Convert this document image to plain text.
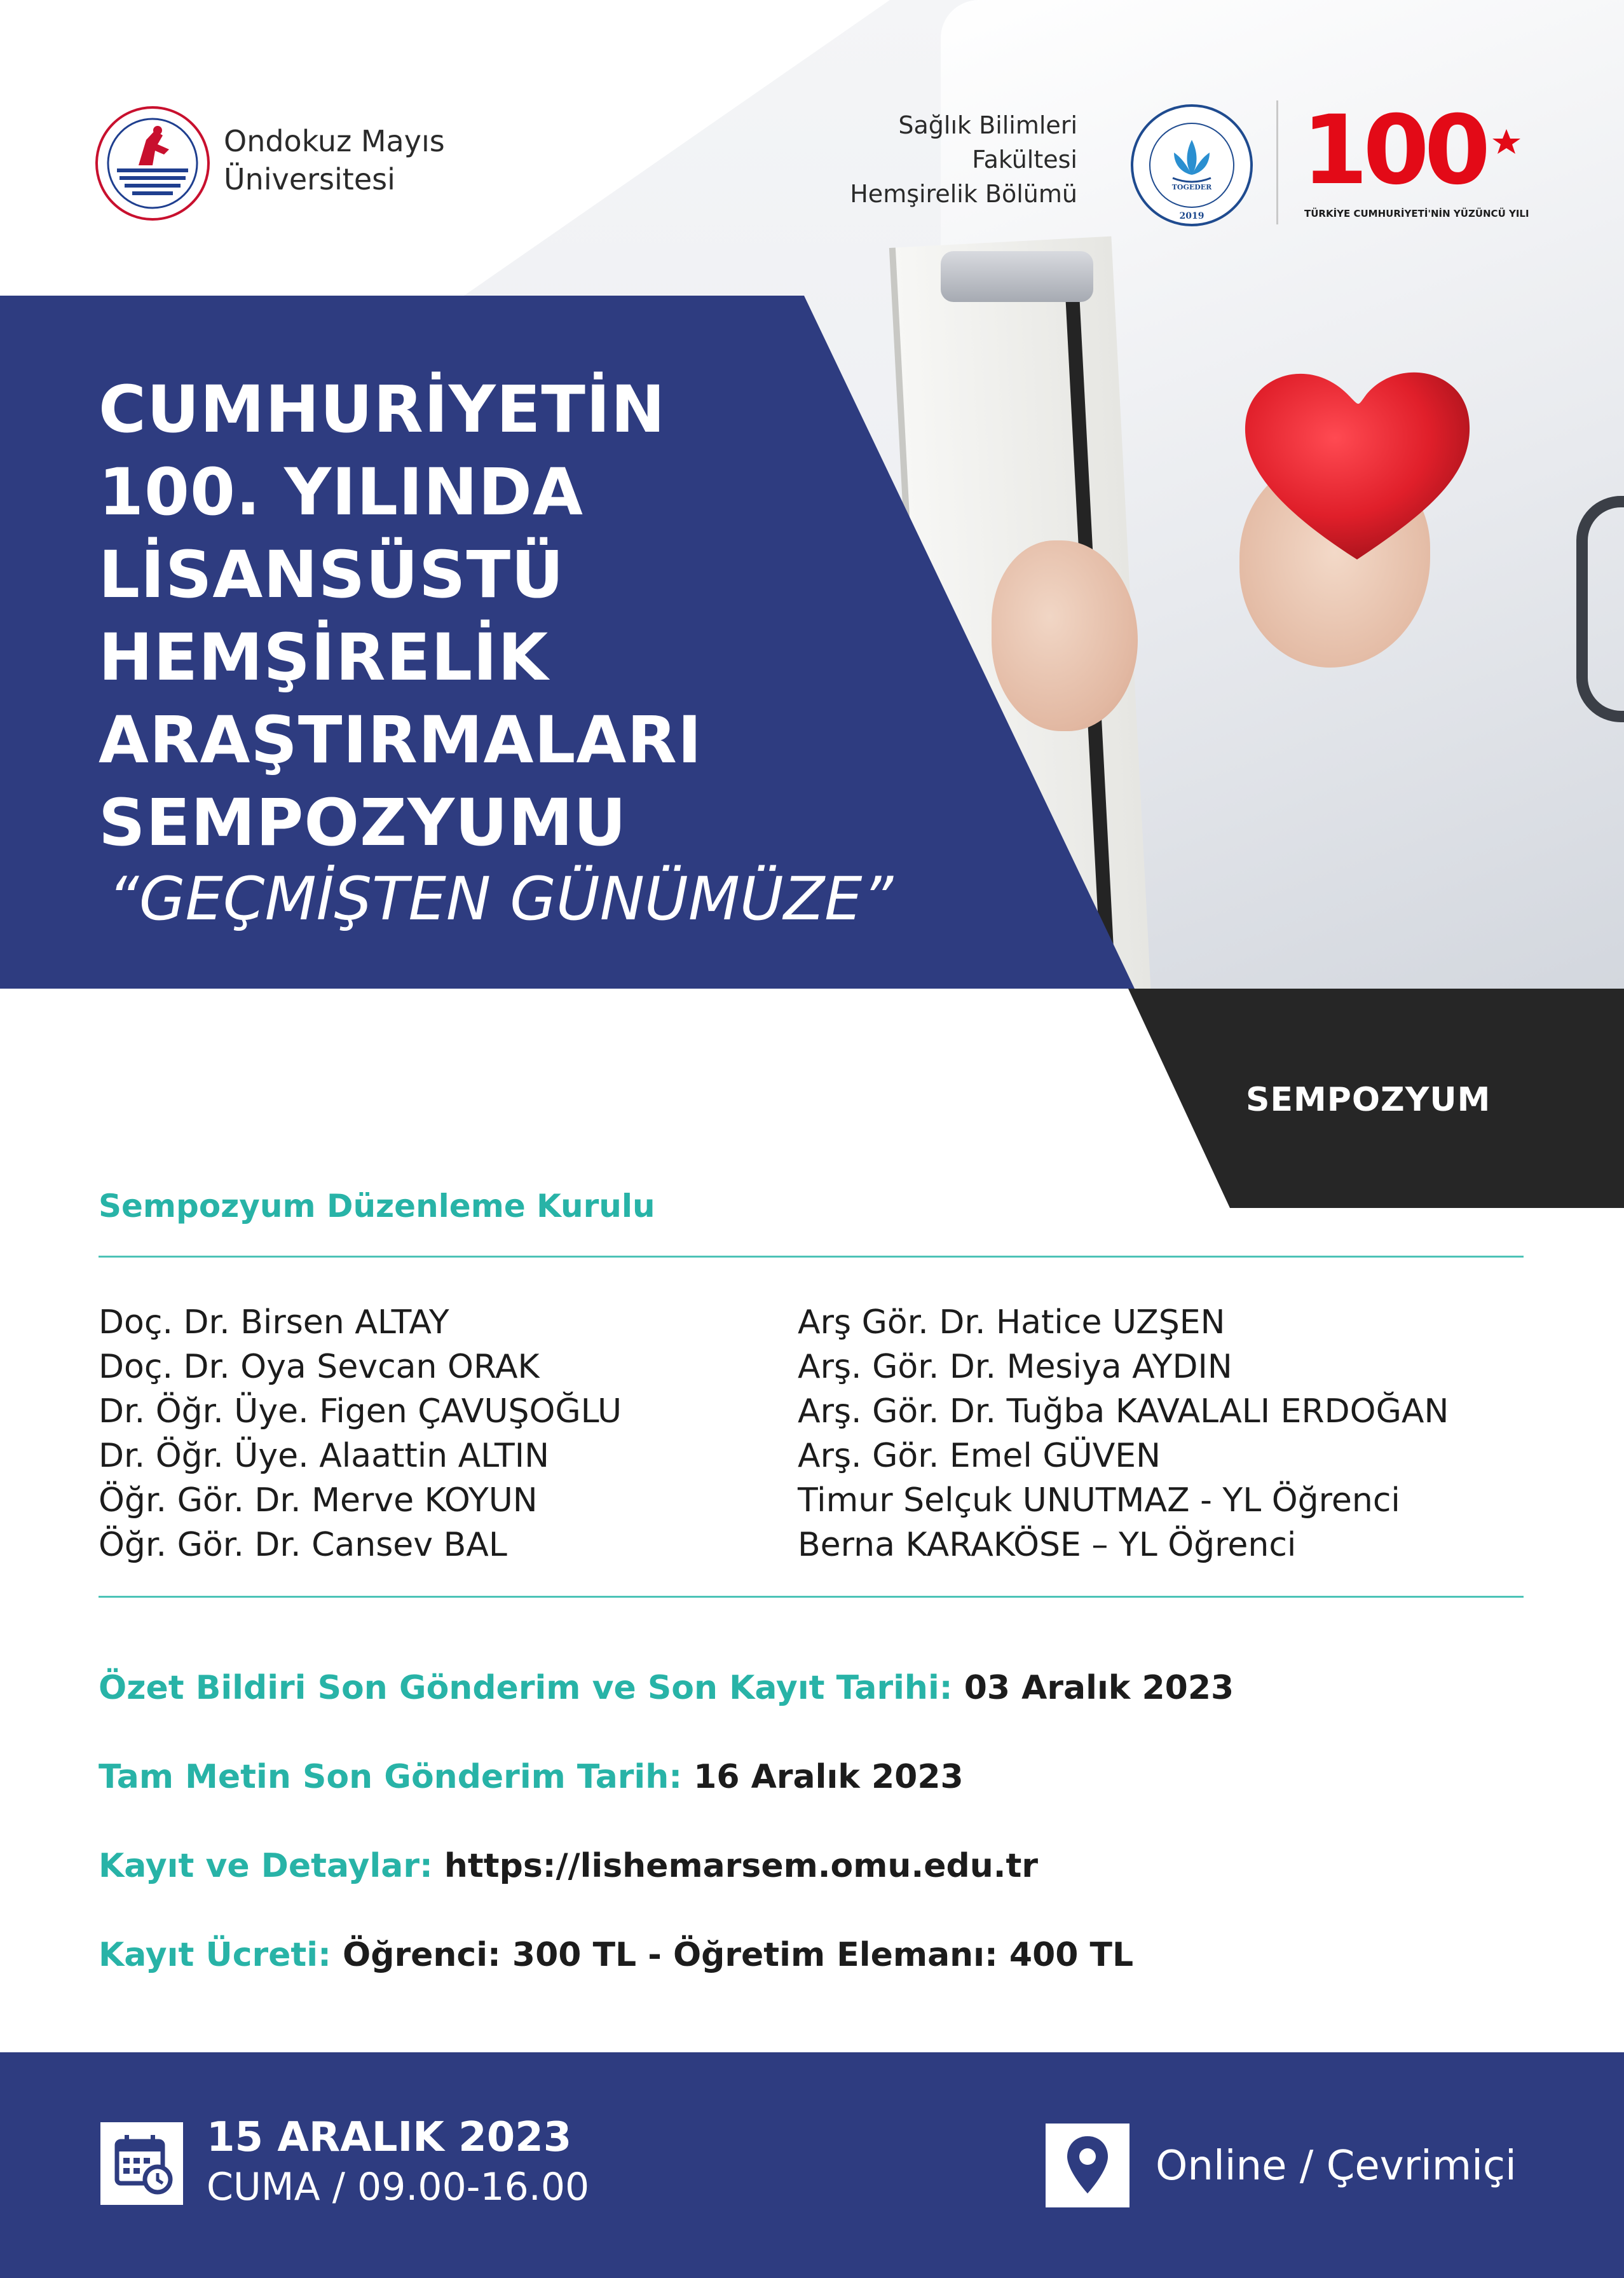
Ondokuz Mayıs
Üniversitesi
Sağlık Bilimleri
Fakültesi
Hemşirelik Bölümü	TOGEDER
2019
100
TÜRKİYE CUMHURİYETİ'NİN YÜZÜNCÜ YILI
CUMHURİYETİN
100. YILINDA
LİSANSÜSTÜ
HEMŞİRELİK
ARAŞTIRMALARI
SEMPOZYUMU
“GEÇMİŞTEN GÜNÜMÜZE”
SEMPOZYUM
Sempozyum Düzenleme Kurulu
Doç. Dr. Birsen ALTAY
Doç. Dr. Oya Sevcan ORAK
Dr. Öğr. Üye. Figen ÇAVUŞOĞLU
Dr. Öğr. Üye. Alaattin ALTIN
Öğr. Gör. Dr. Merve KOYUN
Öğr. Gör. Dr. Cansev BAL
Arş Gör. Dr. Hatice UZŞEN
Arş. Gör. Dr. Mesiya AYDIN
Arş. Gör. Dr. Tuğba KAVALALI ERDOĞAN
Arş. Gör. Emel GÜVEN
Timur Selçuk UNUTMAZ - YL Öğrenci
Berna KARAKÖSE – YL Öğrenci
Özet Bildiri Son Gönderim ve Son Kayıt Tarihi: 03 Aralık 2023
Tam Metin Son Gönderim Tarih: 16 Aralık 2023
Kayıt ve Detaylar: https://lishemarsem.omu.edu.tr
Kayıt Ücreti: Öğrenci: 300 TL - Öğretim Elemanı: 400 TL
15 ARALIK 2023
CUMA / 09.00-16.00	Online / Çevrimiçi
